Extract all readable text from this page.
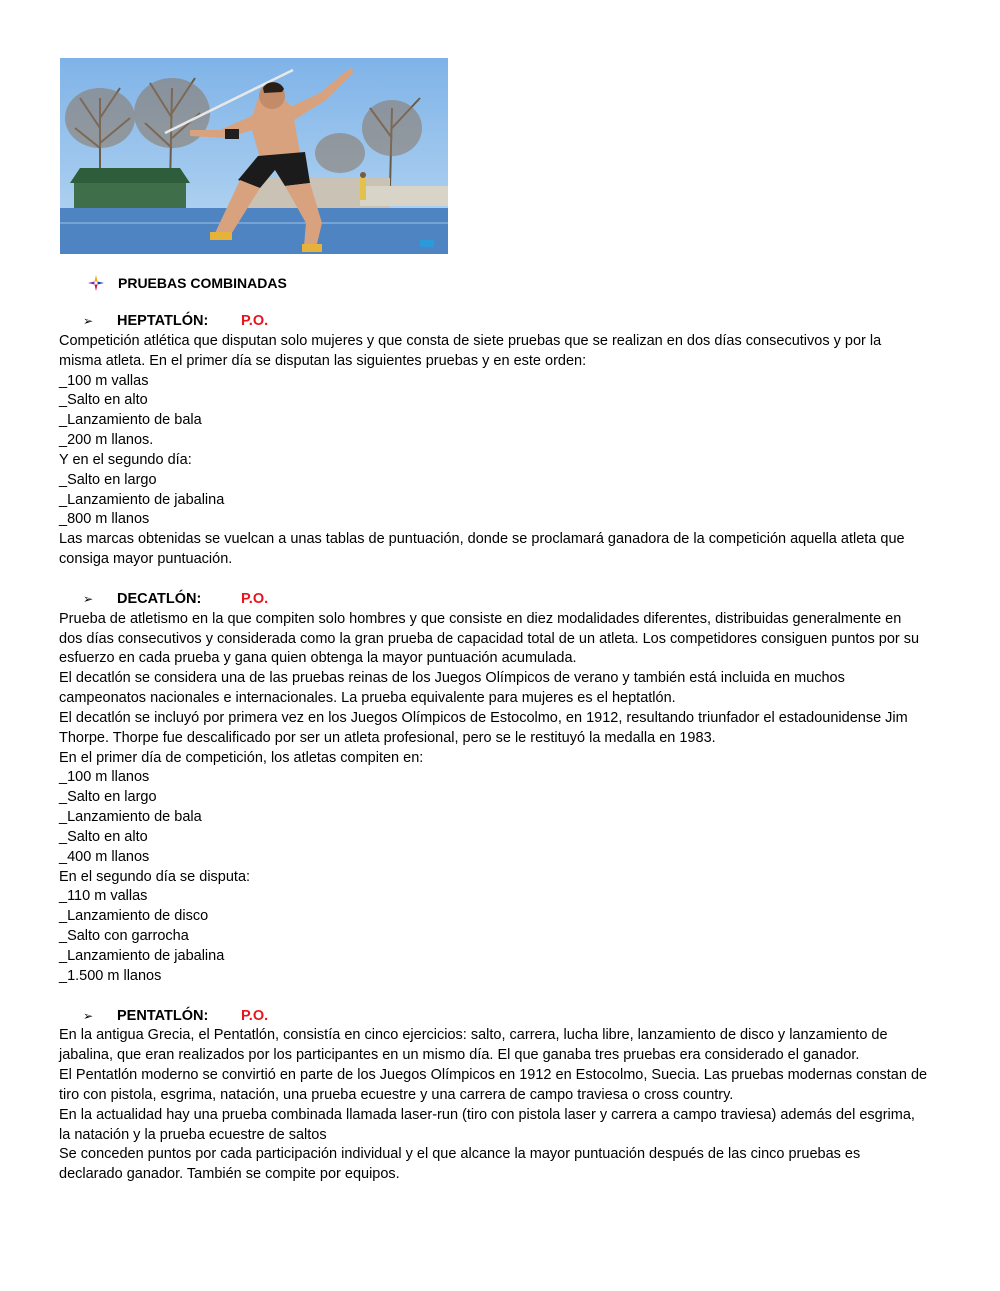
PRUEBAS COMBINADAS
➢	HEPTATLÓN:	P.O.
Competición atlética que disputan solo mujeres y que consta de siete pruebas que se realizan en dos días consecutivos y por la
misma atleta. En el primer día se disputan las siguientes pruebas y en este orden:
_100 m vallas
_Salto en alto
_Lanzamiento de bala
_200 m llanos.
Y en el segundo día:
_Salto en largo
_Lanzamiento de jabalina
_800 m llanos
Las marcas obtenidas se vuelcan a unas tablas de puntuación, donde se proclamará ganadora de la competición aquella atleta que
consiga mayor puntuación.
➢	DECATLÓN:	P.O.
Prueba de atletismo en la que compiten solo hombres y que consiste en diez modalidades diferentes, distribuidas generalmente en
dos días consecutivos y considerada como la gran prueba de capacidad total de un atleta. Los competidores consiguen puntos por su
esfuerzo en cada prueba y gana quien obtenga la mayor puntuación acumulada.
El decatlón se considera una de las pruebas reinas de los Juegos Olímpicos de verano y también está incluida en muchos
campeonatos nacionales e internacionales. La prueba equivalente para mujeres es el heptatlón.
El decatlón se incluyó por primera vez en los Juegos Olímpicos de Estocolmo, en 1912, resultando triunfador el estadounidense Jim
Thorpe. Thorpe fue descalificado por ser un atleta profesional, pero se le restituyó la medalla en 1983.
En el primer día de competición, los atletas compiten en:
_100 m llanos
_Salto en largo
_Lanzamiento de bala
_Salto en alto
_400 m llanos
En el segundo día se disputa:
_110 m vallas
_Lanzamiento de disco
_Salto con garrocha
_Lanzamiento de jabalina
_1.500 m llanos
➢	PENTATLÓN:	P.O.
En la antigua Grecia, el Pentatlón, consistía en cinco ejercicios: salto, carrera, lucha libre, lanzamiento de disco y lanzamiento de
jabalina, que eran realizados por los participantes en un mismo día. El que ganaba tres pruebas era considerado el ganador.
El Pentatlón moderno se convirtió en parte de los Juegos Olímpicos en 1912 en Estocolmo, Suecia. Las pruebas modernas constan de
tiro con pistola, esgrima, natación, una prueba ecuestre y una carrera de campo traviesa o cross country.
En la actualidad hay una prueba combinada llamada laser-run (tiro con pistola laser y carrera a campo traviesa) además del esgrima,
la natación y la prueba ecuestre de saltos
Se conceden puntos por cada participación individual y el que alcance la mayor puntuación después de las cinco pruebas es
declarado ganador. También se compite por equipos.
